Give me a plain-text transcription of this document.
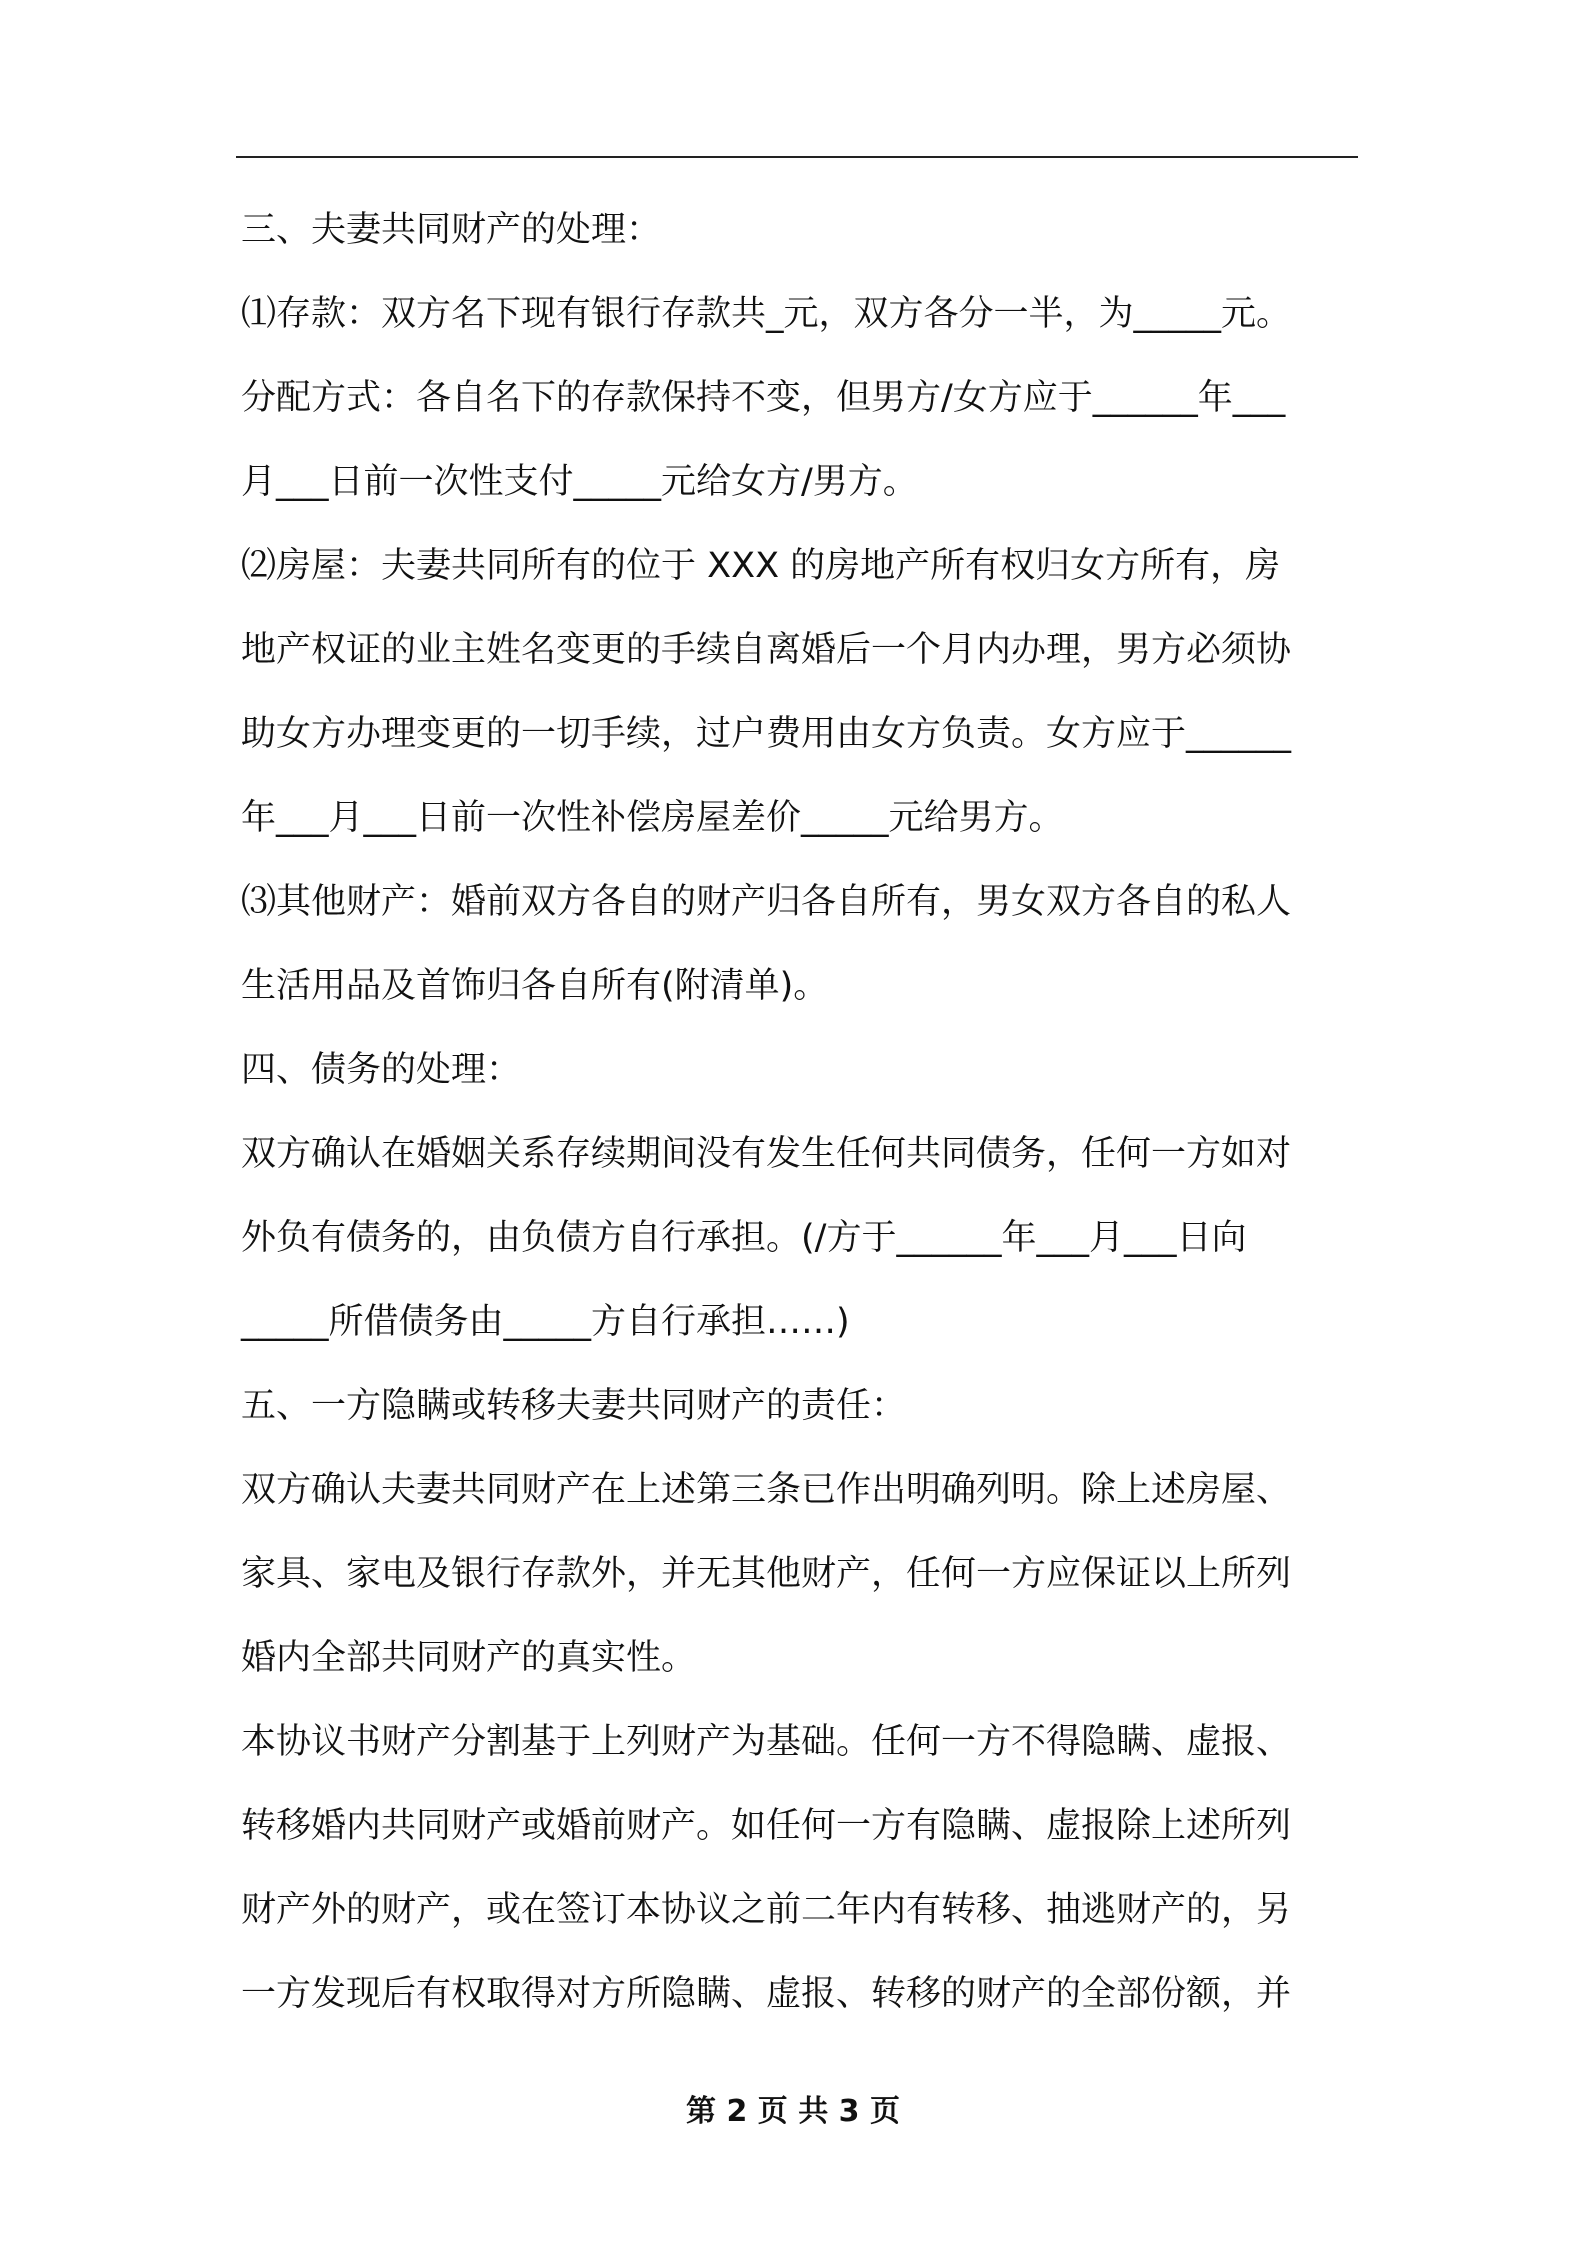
三、夫妻共同财产的处理：
⑴存款：双方名下现有银行存款共_元，双方各分一半，为_____元。
分配方式：各自名下的存款保持不变，但男方/女方应于______年___
月___日前一次性支付_____元给女方/男方。
⑵房屋：夫妻共同所有的位于 XXX 的房地产所有权归女方所有，房
地产权证的业主姓名变更的手续自离婚后一个月内办理，男方必须协
助女方办理变更的一切手续，过户费用由女方负责。女方应于______
年___月___日前一次性补偿房屋差价_____元给男方。
⑶其他财产：婚前双方各自的财产归各自所有，男女双方各自的私人
生活用品及首饰归各自所有(附清单)。
四、债务的处理：
双方确认在婚姻关系存续期间没有发生任何共同债务，任何一方如对
外负有债务的，由负债方自行承担。(/方于______年___月___日向
_____所借债务由_____方自行承担……)
五、一方隐瞒或转移夫妻共同财产的责任：
双方确认夫妻共同财产在上述第三条已作出明确列明。除上述房屋、
家具、家电及银行存款外，并无其他财产，任何一方应保证以上所列
婚内全部共同财产的真实性。
本协议书财产分割基于上列财产为基础。任何一方不得隐瞒、虚报、
转移婚内共同财产或婚前财产。如任何一方有隐瞒、虚报除上述所列
财产外的财产，或在签订本协议之前二年内有转移、抽逃财产的，另
一方发现后有权取得对方所隐瞒、虚报、转移的财产的全部份额，并
第 2 页 共 3 页
